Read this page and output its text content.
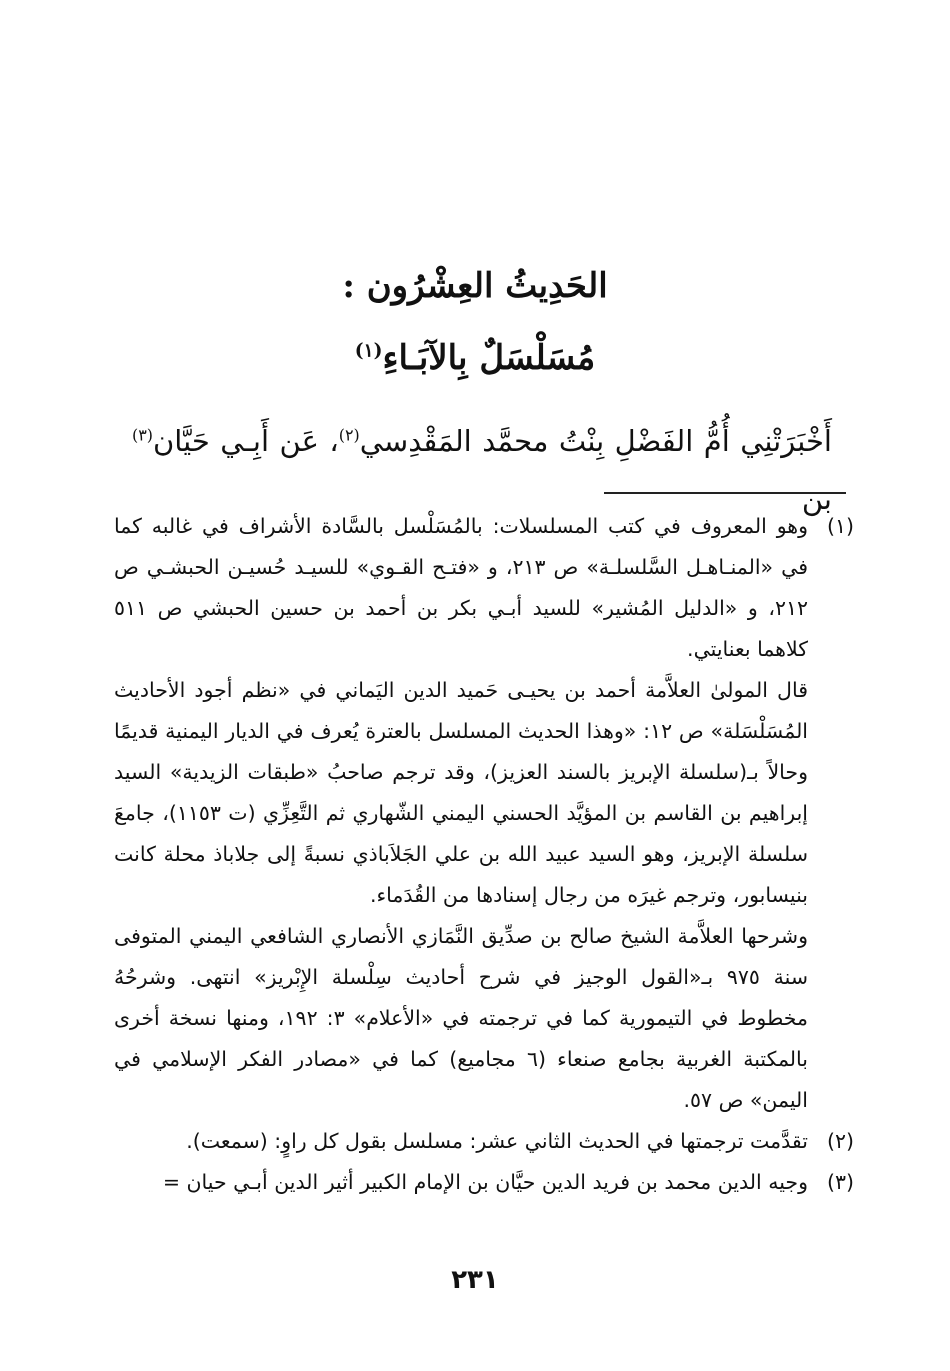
الحَدِيثُ العِشْرُون :
مُسَلْسَلٌ بِالآبَـاءِ$^{(١)}$
أَخْبَرَتْنِي أُمُّ الفَضْلِ بِنْتُ محمَّد المَقْدِسي$^{(٢)}$، عَن أَبِـي حَيَّان$^{(٣)}$ بن
(١)

وهو المعروف في كتب المسلسلات: بالمُسَلْسل بالسَّادة الأشراف في غالبه كما في «المنـاهـل السَّلسلـة» ص ٢١٣، و «فتـح القـوي» للسيـد حُسيـن الحبشـي ص ٢١٢، و «الدليل المُشير» للسيد أبـي بكر بن أحمد بن حسين الحبشي ص ٥١١ كلاهما بعنايتي.

قال المولىٰ العلاَّمة أحمد بن يحيـى حَميد الدين اليَماني في «نظم أجود الأحاديث المُسَلْسَلة» ص ١٢: «وهذا الحديث المسلسل بالعترة يُعرف في الديار اليمنية قديمًا وحالاً بـ(سلسلة الإبريز بالسند العزيز)، وقد ترجم صاحبُ «طبقات الزيدية» السيد إبراهيم بن القاسم بن المؤيَّد الحسني اليمني الشّهاري ثم التَّعِزِّي (ت ١١٥٣)، جامعَ سلسلة الإبريز، وهو السيد عبيد الله بن علي الجَلاَباذي نسبةً إلى جلاباذ محلة كانت بنيسابور، وترجم غيرَه من رجال إسنادها من القُدَماء.

وشرحها العلاَّمة الشيخ صالح بن صدِّيق النَّمَازي الأنصاري الشافعي اليمني المتوفى سنة ٩٧٥ بـ«القول الوجيز في شرح أحاديث سِلْسلة الإِبْريز» انتهى. وشرحُهُ مخطوط في التيمورية كما في ترجمته في «الأعلام» ٣: ١٩٢، ومنها نسخة أخرى بالمكتبة الغربية بجامع صنعاء (٦ مجاميع) كما في «مصادر الفكر الإسلامي في اليمن» ص ٥٧.

(٢)

تقدَّمت ترجمتها في الحديث الثاني عشر: مسلسل بقول كل راوٍ: (سمعت).

(٣)

وجيه الدين محمد بن فريد الدين حيَّان بن الإمام الكبير أثير الدين أبـي حيان =

٢٣١
